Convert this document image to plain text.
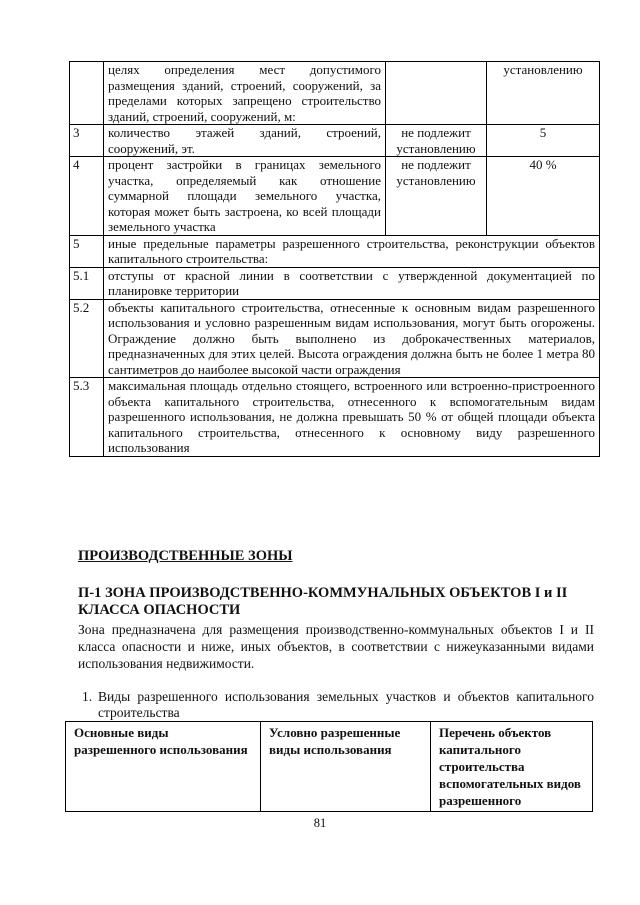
	целях определения мест допустимого размещения зданий, строений, сооружений, за пределами которых запрещено строительство зданий, строений, сооружений, м:		установлению
3	количество этажей зданий, строений, сооружений, эт.	не подлежит установлению	5
4	процент застройки в границах земельного участка, определяемый как отношение суммарной площади земельного участка, которая может быть застроена, ко всей площади земельного участка	не подлежит установлению	40 %
5	иные предельные параметры разрешенного строительства, реконструкции объектов капитального строительства:		
5.1	отступы от красной линии в соответствии с утвержденной документацией по планировке территории		
5.2	объекты капитального строительства, отнесенные к основным видам разрешенного использования и условно разрешенным видам использования, могут быть огорожены. Ограждение должно быть выполнено из доброкачественных материалов, предназначенных для этих целей. Высота ограждения должна быть не более 1 метра 80 сантиметров до наиболее высокой части ограждения		
5.3	максимальная площадь отдельно стоящего, встроенного или встроенно-пристроенного объекта капитального строительства, отнесенного к вспомогательным видам разрешенного использования, не должна превышать 50 % от общей площади объекта капитального строительства, отнесенного к основному виду разрешенного использования		
ПРОИЗВОДСТВЕННЫЕ ЗОНЫ
П-1 ЗОНА ПРОИЗВОДСТВЕННО-КОММУНАЛЬНЫХ ОБЪЕКТОВ I и II КЛАССА ОПАСНОСТИ
Зона предназначена для размещения производственно-коммунальных объектов I и II класса опасности и ниже, иных объектов, в соответствии с нижеуказанными видами использования недвижимости.
1. Виды разрешенного использования земельных участков и объектов капитального строительства
Основные виды разрешенного использования	Условно разрешенные виды использования	Перечень объектов капитального строительства вспомогательных видов разрешенного
81
